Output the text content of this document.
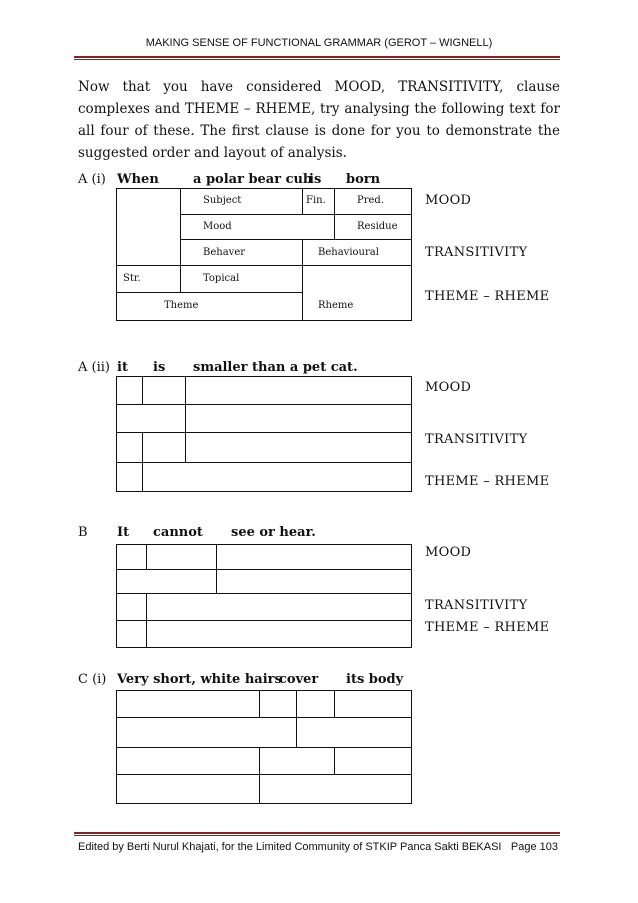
MAKING SENSE OF FUNCTIONAL GRAMMAR (GEROT – WIGNELL)
Now that you have considered MOOD, TRANSITIVITY, clause complexes and THEME – RHEME, try analysing the following text for all four of these. The first clause is done for you to demonstrate the suggested order and layout of analysis.
A (i) When	a polar bear cub
is born
Subject	Fin.	Pred.
Mood	Residue
Behaver	Behavioural
Str.	Topical
Theme	Rheme
MOOD
TRANSITIVITY
THEME – RHEME
A (ii) it is smaller than a pet cat.
MOOD
TRANSITIVITY
THEME – RHEME
B It cannot see or hear.
MOOD
TRANSITIVITY
THEME – RHEME
C (i) Very short, white hairs
cover its body
Edited by Berti Nurul Khajati, for the Limited Community of STKIP Panca Sakti BEKASI Page 103
